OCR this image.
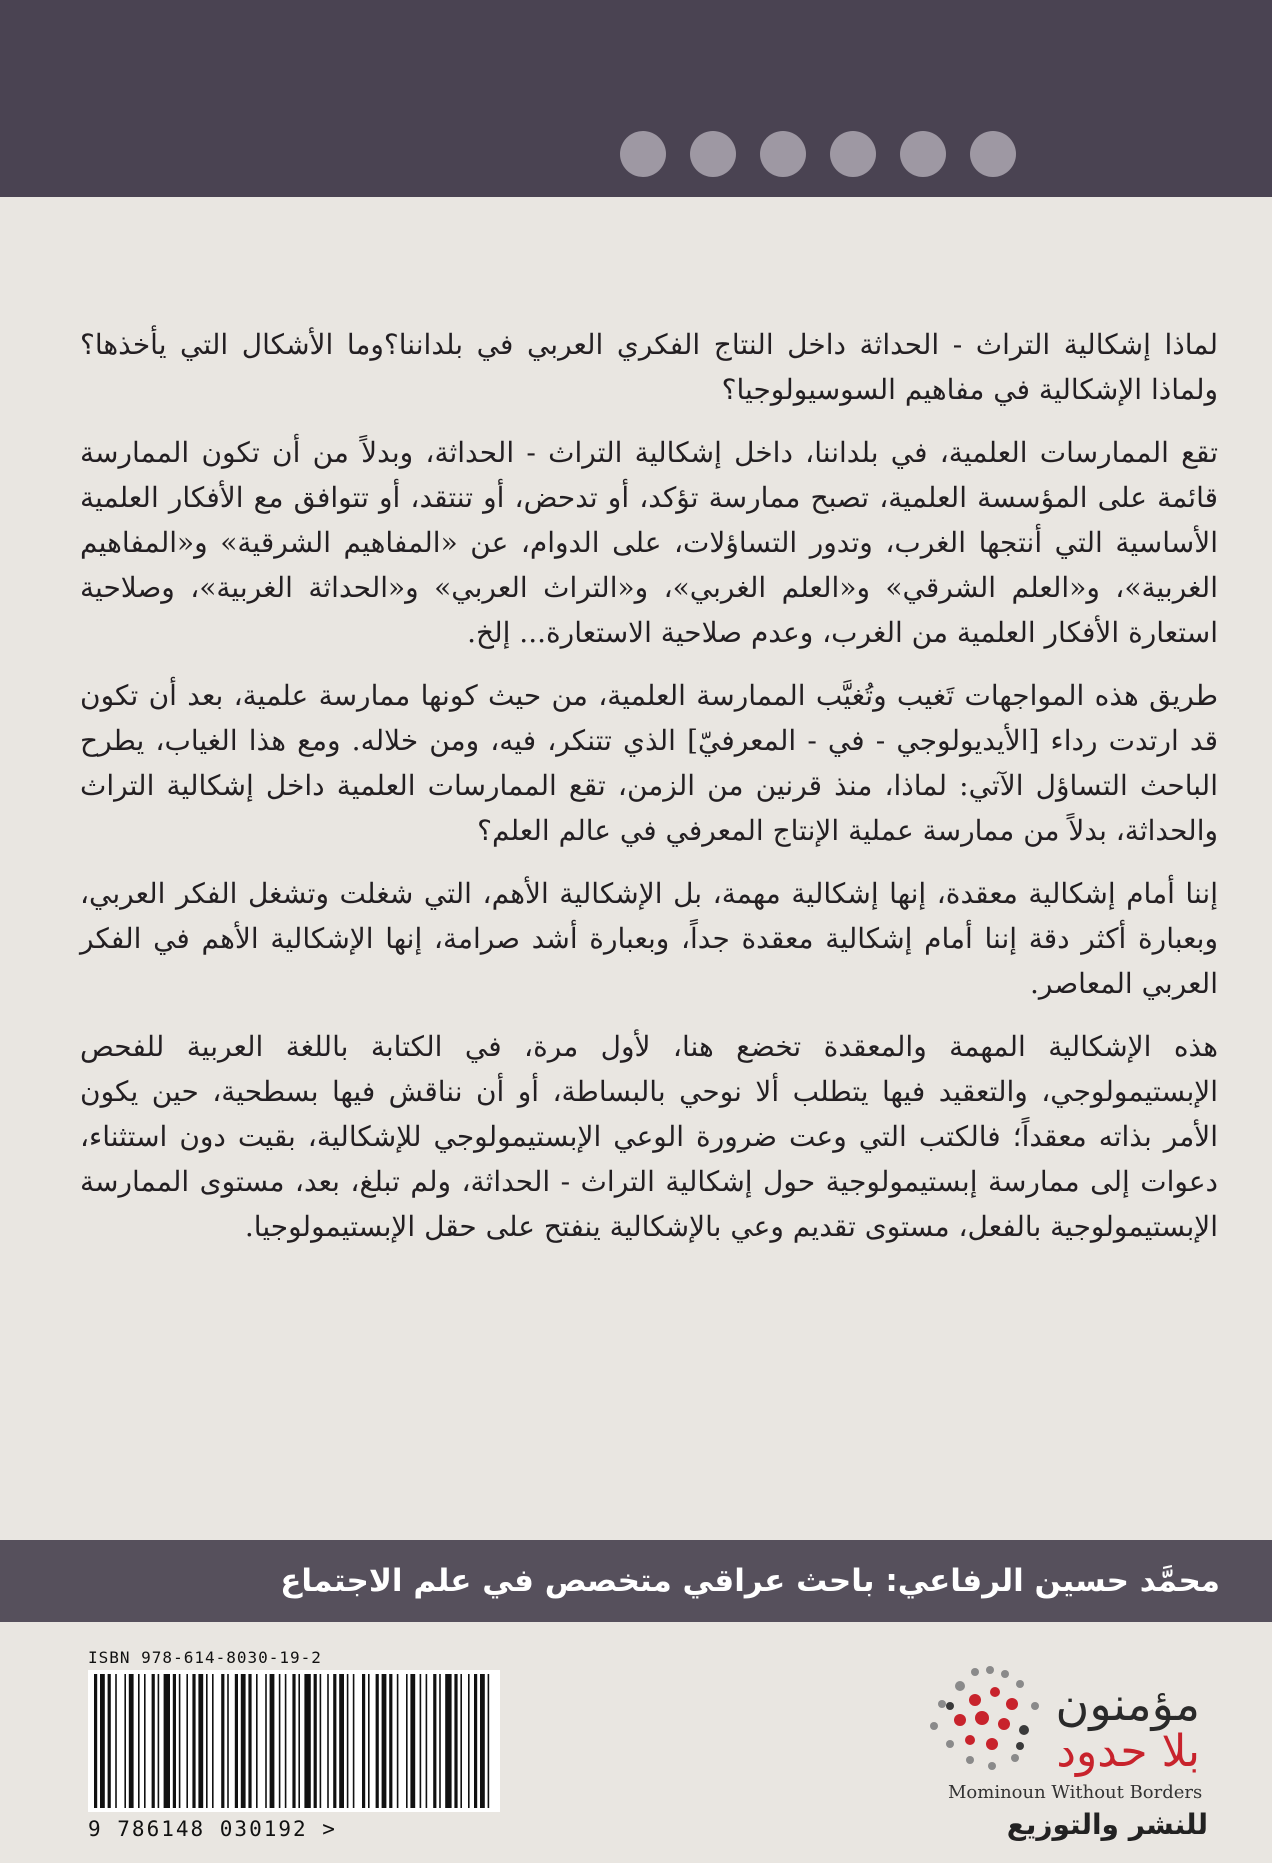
لماذا إشكالية التراث - الحداثة داخل النتاج الفكري العربي في بلداننا؟وما الأشكال التي يأخذها؟ ولماذا الإشكالية في مفاهيم السوسيولوجيا؟

تقع الممارسات العلمية، في بلداننا، داخل إشكالية التراث - الحداثة، وبدلاً من أن تكون الممارسة قائمة على المؤسسة العلمية، تصبح ممارسة تؤكد، أو تدحض، أو تنتقد، أو تتوافق مع الأفكار العلمية الأساسية التي أنتجها الغرب، وتدور التساؤلات، على الدوام، عن «المفاهيم الشرقية» و«المفاهيم الغربية»، و«العلم الشرقي» و«العلم الغربي»، و«التراث العربي» و«الحداثة الغربية»، وصلاحية استعارة الأفكار العلمية من الغرب، وعدم صلاحية الاستعارة... إلخ.

طريق هذه المواجهات تَغيب وتُغيَّب الممارسة العلمية، من حيث كونها ممارسة علمية، بعد أن تكون قد ارتدت رداء [الأيديولوجي - في - المعرفيّ] الذي تتنكر، فيه، ومن خلاله. ومع هذا الغياب، يطرح الباحث التساؤل الآتي: لماذا، منذ قرنين من الزمن، تقع الممارسات العلمية داخل إشكالية التراث والحداثة، بدلاً من ممارسة عملية الإنتاج المعرفي في عالم العلم؟

إننا أمام إشكالية معقدة، إنها إشكالية مهمة، بل الإشكالية الأهم، التي شغلت وتشغل الفكر العربي، وبعبارة أكثر دقة إننا أمام إشكالية معقدة جداً، وبعبارة أشد صرامة، إنها الإشكالية الأهم في الفكر العربي المعاصر.

هذه الإشكالية المهمة والمعقدة تخضع هنا، لأول مرة، في الكتابة باللغة العربية للفحص الإبستيمولوجي، والتعقيد فيها يتطلب ألا نوحي بالبساطة، أو أن نناقش فيها بسطحية، حين يكون الأمر بذاته معقداً؛ فالكتب التي وعت ضرورة الوعي الإبستيمولوجي للإشكالية، بقيت دون استثناء، دعوات إلى ممارسة إبستيمولوجية حول إشكالية التراث - الحداثة، ولم تبلغ، بعد، مستوى الممارسة الإبستيمولوجية بالفعل، مستوى تقديم وعي بالإشكالية ينفتح على حقل الإبستيمولوجيا.

محمَّد حسين الرفاعي: باحث عراقي متخصص في علم الاجتماع
ISBN 978-614-8030-19-2
9 786148 030192 >
مؤمنون
بلا حدود
Mominoun Without Borders
للنشر والتوزيع
